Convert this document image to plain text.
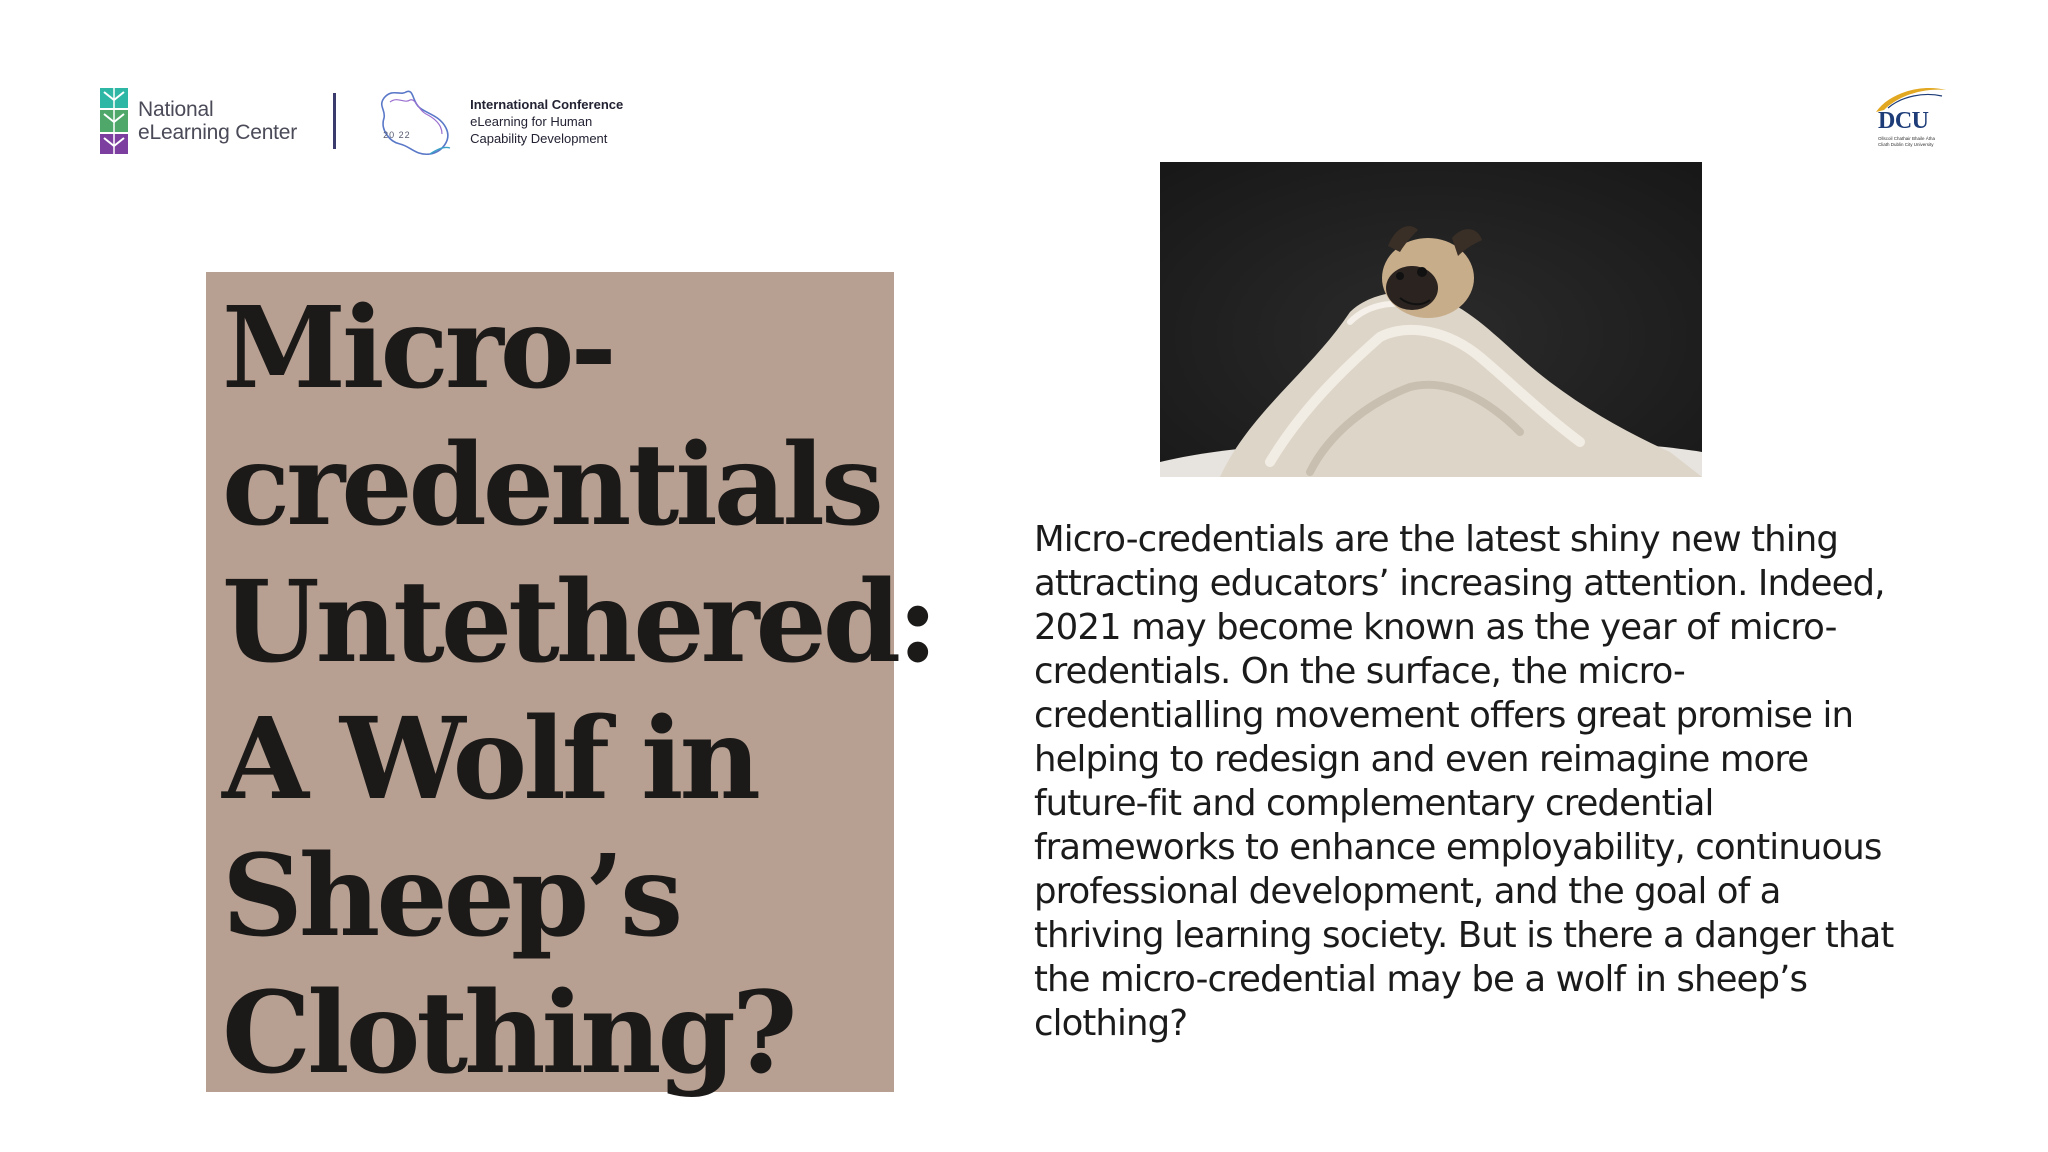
National
eLearning Center	20 22
International Conference
eLearning for Human
Capability Development
DCU
Ollscoil Chathair Bhaile Átha Cliath Dublin City University
Micro-
credentials
Untethered:
A Wolf in
Sheep’s
Clothing?
Micro-credentials are the latest shiny new thing attracting educators’ increasing attention. Indeed, 2021 may become known as the year of micro-credentials. On the surface, the micro-credentialling movement offers great promise in helping to redesign and even reimagine more future-fit and complementary credential frameworks to enhance employability, continuous professional development, and the goal of a thriving learning society. But is there a danger that the micro-credential may be a wolf in sheep’s clothing?
